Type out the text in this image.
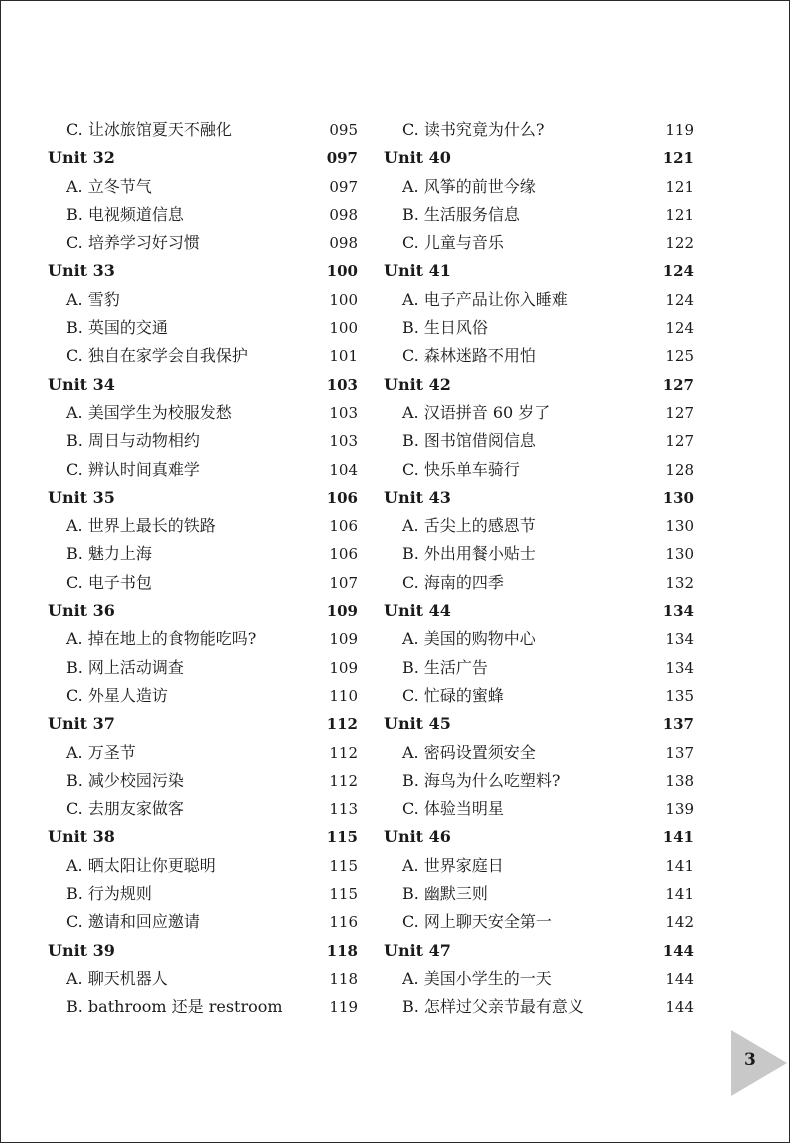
C. 让冰旅馆夏天不融化	095
Unit 32	097
A. 立冬节气	097
B. 电视频道信息	098
C. 培养学习好习惯	098
Unit 33	100
A. 雪豹	100
B. 英国的交通	100
C. 独自在家学会自我保护	101
Unit 34	103
A. 美国学生为校服发愁	103
B. 周日与动物相约	103
C. 辨认时间真难学	104
Unit 35	106
A. 世界上最长的铁路	106
B. 魅力上海	106
C. 电子书包	107
Unit 36	109
A. 掉在地上的食物能吃吗?	109
B. 网上活动调查	109
C. 外星人造访	110
Unit 37	112
A. 万圣节	112
B. 减少校园污染	112
C. 去朋友家做客	113
Unit 38	115
A. 晒太阳让你更聪明	115
B. 行为规则	115
C. 邀请和回应邀请	116
Unit 39	118
A. 聊天机器人	118
B. bathroom 还是 restroom	119
C. 读书究竟为什么?	119
Unit 40	121
A. 风筝的前世今缘	121
B. 生活服务信息	121
C. 儿童与音乐	122
Unit 41	124
A. 电子产品让你入睡难	124
B. 生日风俗	124
C. 森林迷路不用怕	125
Unit 42	127
A. 汉语拼音 60 岁了	127
B. 图书馆借阅信息	127
C. 快乐单车骑行	128
Unit 43	130
A. 舌尖上的感恩节	130
B. 外出用餐小贴士	130
C. 海南的四季	132
Unit 44	134
A. 美国的购物中心	134
B. 生活广告	134
C. 忙碌的蜜蜂	135
Unit 45	137
A. 密码设置须安全	137
B. 海鸟为什么吃塑料?	138
C. 体验当明星	139
Unit 46	141
A. 世界家庭日	141
B. 幽默三则	141
C. 网上聊天安全第一	142
Unit 47	144
A. 美国小学生的一天	144
B. 怎样过父亲节最有意义	144
3
